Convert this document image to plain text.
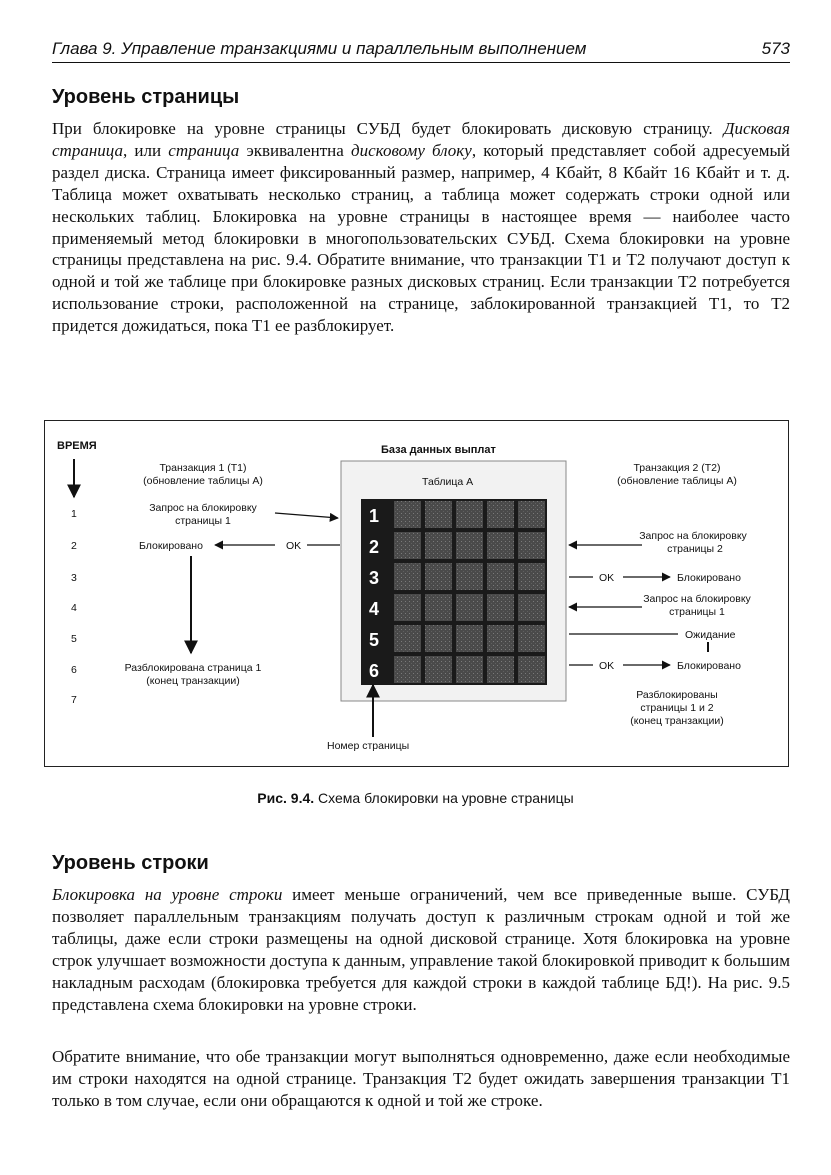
Глава 9. Управление транзакциями и параллельным выполнением	573
Уровень страницы

При блокировке на уровне страницы СУБД будет блокировать дисковую страницу. Дисковая страница, или страница эквивалентна дисковому блоку, который представляет собой адресуемый раздел диска. Страница имеет фиксированный размер, например, 4 Кбайт, 8 Кбайт 16 Кбайт и т. д. Таблица может охватывать несколько страниц, а таблица может содержать строки одной или нескольких таблиц. Блокировка на уровне страницы в настоящее время — наиболее часто применяемый метод блокировки в многопользовательских СУБД. Схема блокировки на уровне страницы представлена на рис. 9.4. Обратите внимание, что транзакции T1 и T2 получают доступ к одной и той же таблице при блокировке разных дисковых страниц. Если транзакции T2 потребуется использование строки, расположенной на странице, заблокированной транзакцией T1, то T2 придется дожидаться, пока T1 ее разблокирует.

ВРЕМЯ
1
2
3
4
5
6
7
База данных выплат
Таблица A
1
2
3
4
5
6
Транзакция 1 (T1)
(обновление таблицы A)
Запрос на блокировку
страницы 1
Блокировано	OK
Разблокирована страница 1
(конец транзакции)
Транзакция 2 (T2)
(обновление таблицы A)
Запрос на блокировку
страницы 2
OK	Блокировано
Запрос на блокировку
страницы 1
Ожидание
OK	Блокировано
Разблокированы
страницы 1 и 2
(конец транзакции)
Номер страницы
Рис. 9.4. Схема блокировки на уровне страницы
Уровень строки

Блокировка на уровне строки имеет меньше ограничений, чем все приведенные выше. СУБД позволяет параллельным транзакциям получать доступ к различным строкам одной и той же таблицы, даже если строки размещены на одной дисковой странице. Хотя блокировка на уровне строк улучшает возможности доступа к данным, управление такой блокировкой приводит к большим накладным расходам (блокировка требуется для каждой строки в каждой таблице БД!). На рис. 9.5 представлена схема блокировки на уровне строки.

Обратите внимание, что обе транзакции могут выполняться одновременно, даже если необходимые им строки находятся на одной странице. Транзакция T2 будет ожидать завершения транзакции T1 только в том случае, если они обращаются к одной и той же строке.
